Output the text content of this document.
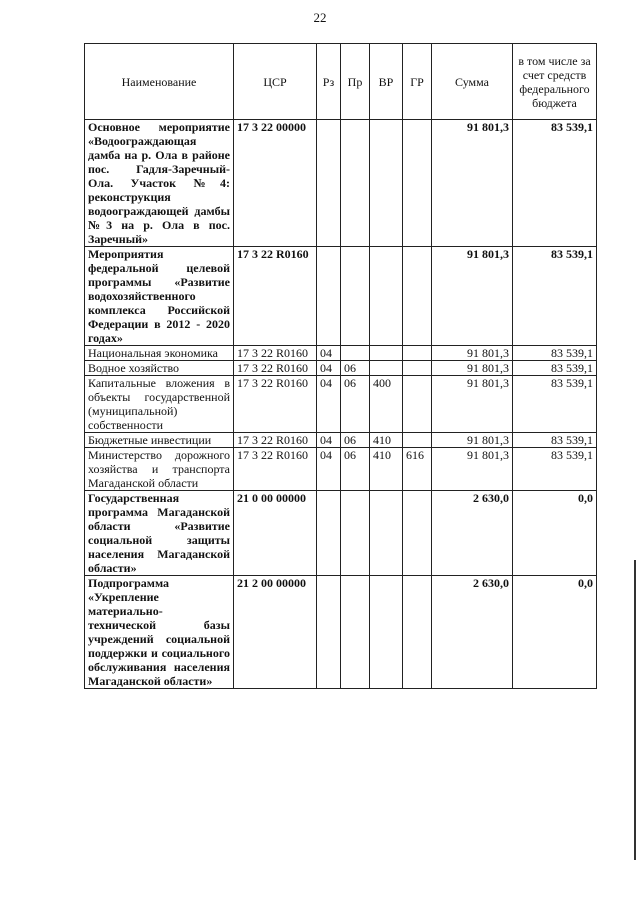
22
Наименование	ЦСР	Рз	Пр	ВР	ГР	Сумма	в том числе за счет средств федерального бюджета
Основное мероприятие «Водоограждающая дамба на р. Ола в районе пос. Гадля-Заречный-Ола. Участок №4: реконструкция водоограждающей дамбы №3 на р. Ола в пос. Заречный»	17 3 22 00000					91 801,3	83 539,1
Мероприятия федеральной целевой программы «Развитие водохозяйственного комплекса Российской Федерации в 2012 - 2020 годах»	17 3 22 R0160					91 801,3	83 539,1
Национальная экономика	17 3 22 R0160	04				91 801,3	83 539,1
Водное хозяйство	17 3 22 R0160	04	06			91 801,3	83 539,1
Капитальные вложения в объекты государственной (муниципальной) собственности	17 3 22 R0160	04	06	400		91 801,3	83 539,1
Бюджетные инвестиции	17 3 22 R0160	04	06	410		91 801,3	83 539,1
Министерство дорожного хозяйства и транспорта Магаданской области	17 3 22 R0160	04	06	410	616	91 801,3	83 539,1
Государственная программа Магаданской области «Развитие социальной защиты населения Магаданской области»	21 0 00 00000					2 630,0	0,0
Подпрограмма «Укрепление материально-технической базы учреждений социальной поддержки и социального обслуживания населения Магаданской области»	21 2 00 00000					2 630,0	0,0
